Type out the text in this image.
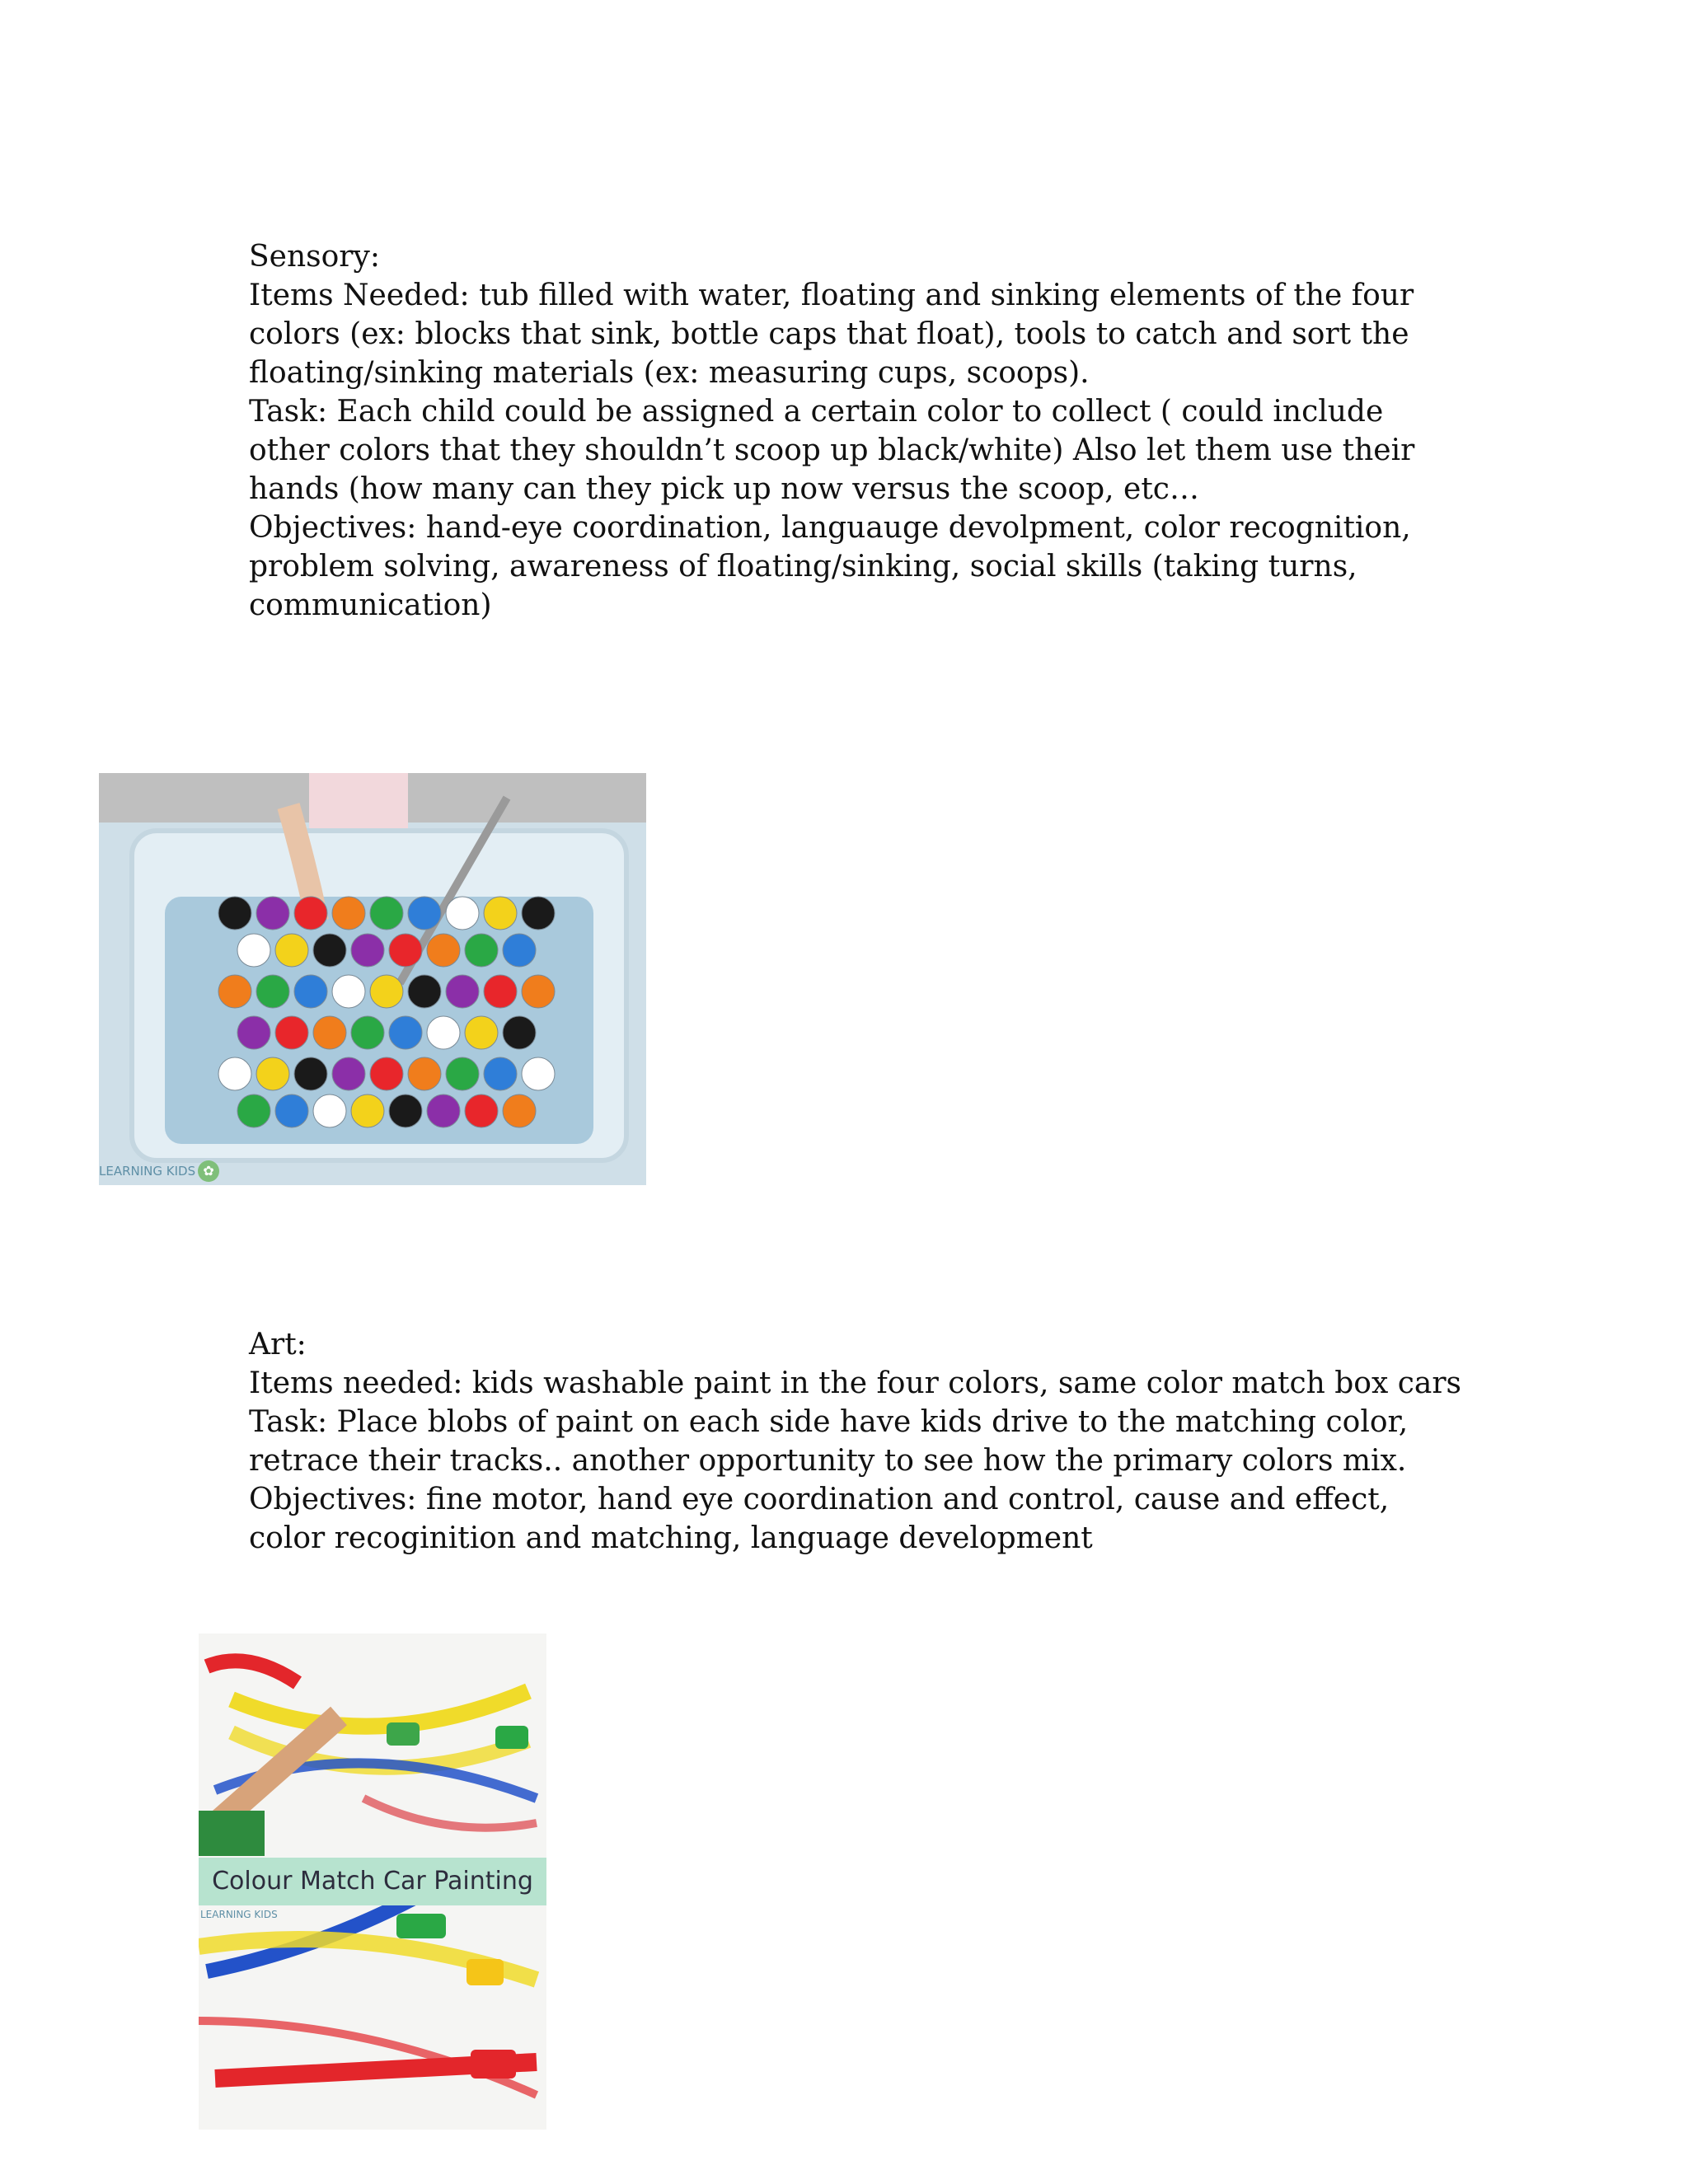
Sensory:

Items Needed: tub filled with water, floating and sinking elements of the four colors (ex: blocks that sink, bottle caps that float), tools to catch and sort the floating/sinking materials (ex: measuring cups, scoops).

Task: Each child could be assigned a certain color to collect ( could include other colors that they shouldn’t scoop up black/white) Also let them use their hands (how many can they pick up now versus the scoop, etc…

Objectives: hand-eye coordination, languauge devolpment, color recognition, problem solving, awareness of floating/sinking, social skills (taking turns, communication)

LEARNING KIDS ✿

Art:

Items needed: kids washable paint in the four colors, same color match box cars

Task: Place blobs of paint on each side have kids drive to the matching color, retrace their tracks.. another opportunity to see how the primary colors mix.

Objectives: fine motor, hand eye coordination and control, cause and effect, color recoginition and matching, language development

Colour Match Car Painting
LEARNING KIDS
